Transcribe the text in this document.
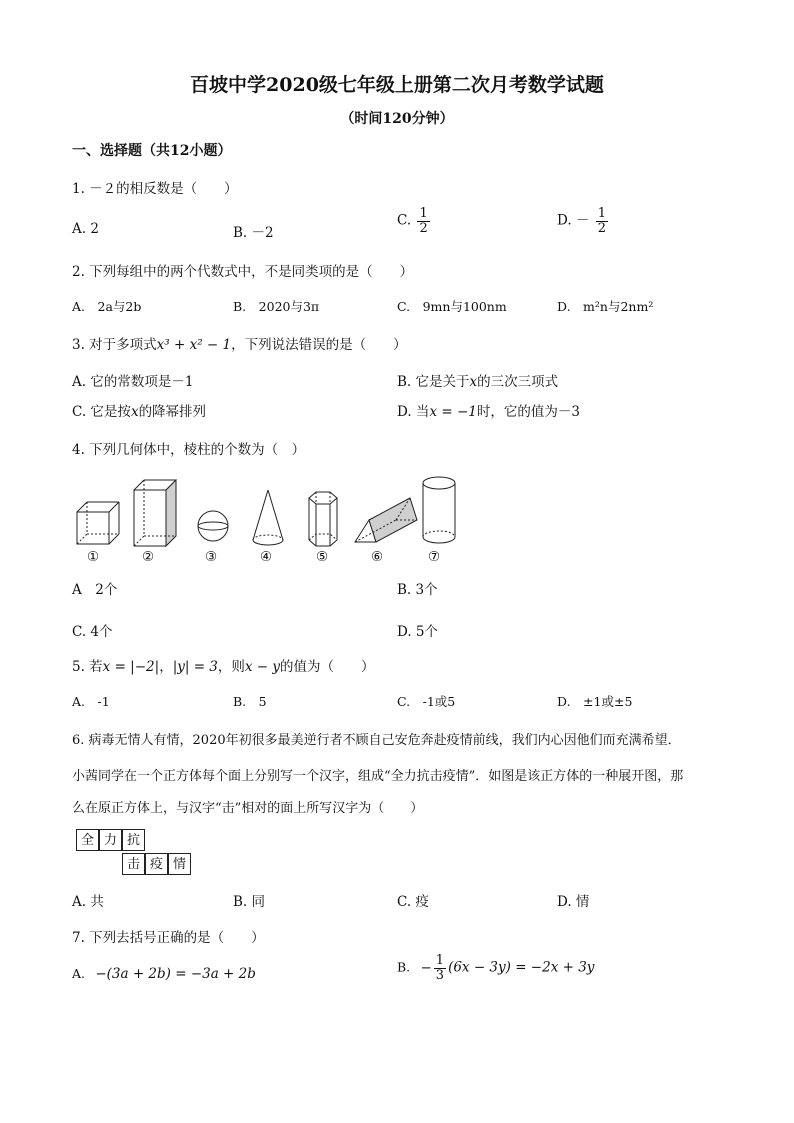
百坡中学2020级七年级上册第二次月考数学试题
（时间120分钟）
一、选择题（共12小题）
1. －２的相反数是（　　）
A. 2	B. －2
C. $\frac{1}{2}$	D. － $\frac{1}{2}$
2. 下列每组中的两个代数式中，不是同类项的是（　　）
A.　2a与2b	B.　2020与3π	C.　9mn与100nm	D.　m²n与2nm²
3. 对于多项式x³ + x² − 1，下列说法错误的是（　　）
A. 它的常数项是－1	B. 它是关于x的三次三项式
C. 它是按x的降幂排列	D. 当x = −1时，它的值为－3
4. 下列几何体中，棱柱的个数为（　）
①	②	③	④	⑤	⑥	⑦
A　2个	B. 3个
C. 4个	D. 5个
5. 若x = |−2|，|y| = 3，则x − y的值为（　　）
A.　-1	B.　5	C.　-1或5	D.　±1或±5
6. 病毒无情人有情，2020年初很多最美逆行者不顾自己安危奔赴疫情前线，我们内心因他们而充满希望．
小茜同学在一个正方体每个面上分别写一个汉字，组成“全力抗击疫情”．如图是该正方体的一种展开图，那
么在原正方体上，与汉字“击”相对的面上所写汉字为（　　）
全 力 抗
击 疫 情
A. 共	B. 同	C. 疫	D. 情
7. 下列去括号正确的是（　　）
A. −(3a + 2b) = −3a + 2b	B. − $\frac{1}{3} (6x - 3y) = -2x + 3y$
